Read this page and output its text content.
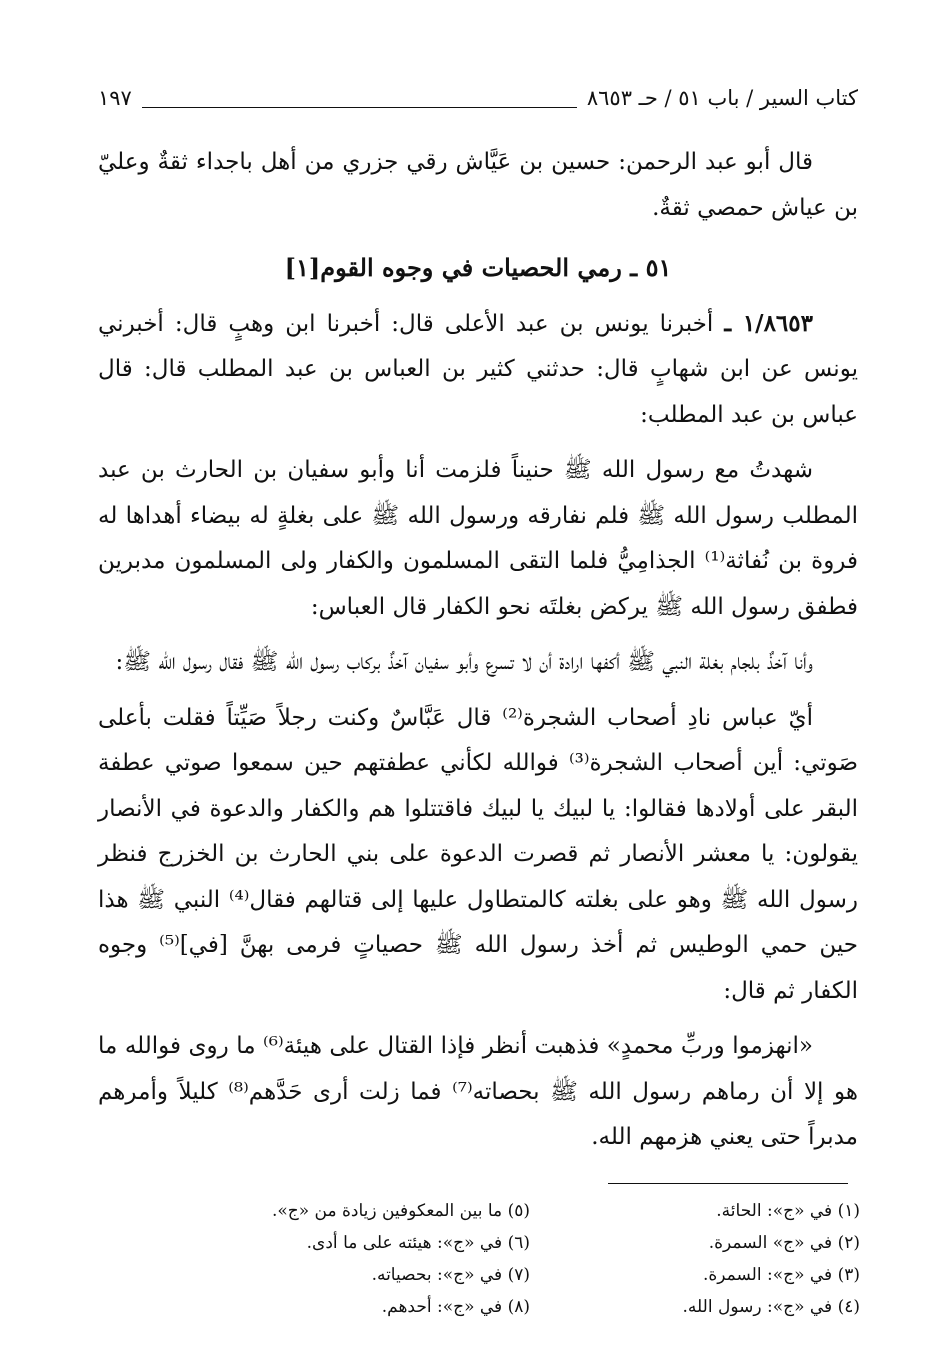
كتاب السير / باب ٥١ / حـ ٨٦٥٣
١٩٧

قال أبو عبد الرحمن: حسين بن عَيَّاش رقي جزري من أهل باجداء ثقةٌ وعليّ بن عياش حمصي ثقةٌ.

٥١ ـ رمي الحصيات في وجوه القوم[١]

١/٨٦٥٣ ـ أخبرنا يونس بن عبد الأعلى قال: أخبرنا ابن وهبٍ قال: أخبرني يونس عن ابن شهابٍ قال: حدثني كثير بن العباس بن عبد المطلب قال: قال عباس بن عبد المطلب:

شهدتُ مع رسول الله ﷺ حنيناً فلزمت أنا وأبو سفيان بن الحارث بن عبد المطلب رسول الله ﷺ فلم نفارقه ورسول الله ﷺ على بغلةٍ له بيضاء أهداها له فروة بن نُفاثة⁽¹⁾ الجذامِيُّ فلما التقى المسلمون والكفار ولى المسلمون مدبرين فطفق رسول الله ﷺ يركض بغلتَه نحو الكفار قال العباس:

وأنا آخذٌ بلجام بغلة النبي ﷺ أكفها ارادة أن لا تسرع وأبو سفيان آخذٌ بركاب رسول الله ﷺ فقال رسول الله ﷺ:

أيّ عباس نادِ أصحاب الشجرة⁽²⁾ قال عَبَّاسٌ وكنت رجلاً صَيِّتاً فقلت بأعلى صَوتي: أين أصحاب الشجرة⁽³⁾ فوالله لكأني عطفتهم حين سمعوا صوتي عطفة البقر على أولادها فقالوا: يا لبيك يا لبيك فاقتتلوا هم والكفار والدعوة في الأنصار يقولون: يا معشر الأنصار ثم قصرت الدعوة على بني الحارث بن الخزرج فنظر رسول الله ﷺ وهو على بغلته كالمتطاول عليها إلى قتالهم فقال⁽⁴⁾ النبي ﷺ هذا حين حمي الوطيس ثم أخذ رسول الله ﷺ حصياتٍ فرمى بهنَّ [في]⁽⁵⁾ وجوه الكفار ثم قال:

«انهزموا وربِّ محمدٍ» فذهبت أنظر فإذا القتال على هيئة⁽⁶⁾ ما روى فوالله ما هو إلا أن رماهم رسول الله ﷺ بحصاته⁽⁷⁾ فما زلت أرى حَدَّهم⁽⁸⁾ كليلاً وأمرهم مدبراً حتى يعني هزمهم الله.

(١) في «ج»: الحائة.
(٢) في «ج» السمرة.
(٣) في «ج»: السمرة.
(٤) في «ج»: رسول الله.
(٥) ما بين المعكوفين زيادة من «ج».
(٦) في «ج»: هيئته على ما أدى.
(٧) في «ج»: بحصياته.
(٨) في «ج»: أحدهم.
